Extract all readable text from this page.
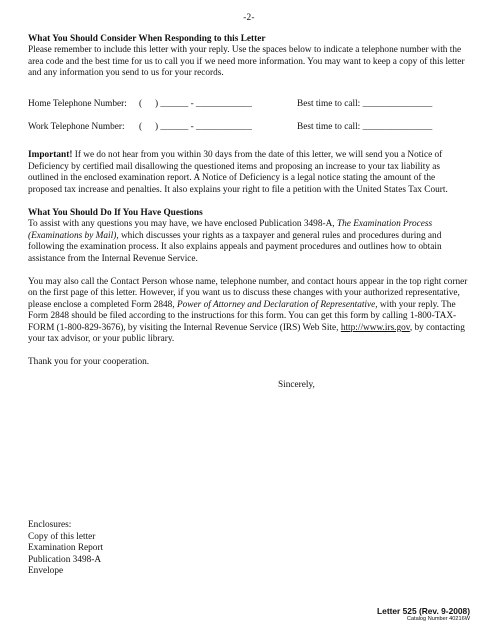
-2-
What You Should Consider When Responding to this Letter

Please remember to include this letter with your reply. Use the spaces below to indicate a telephone number with the area code and the best time for us to call you if we need more information. You may want to keep a copy of this letter and any information you send to us for your records.

Home Telephone Number:	(	) ______ - ____________	Best time to call: _______________
Work Telephone Number:	(	) ______ - ____________	Best time to call: _______________

Important! If we do not hear from you within 30 days from the date of this letter, we will send you a Notice of Deficiency by certified mail disallowing the questioned items and proposing an increase to your tax liability as outlined in the enclosed examination report. A Notice of Deficiency is a legal notice stating the amount of the proposed tax increase and penalties. It also explains your right to file a petition with the United States Tax Court.

What You Should Do If You Have Questions

To assist with any questions you may have, we have enclosed Publication 3498-A, The Examination Process (Examinations by Mail), which discusses your rights as a taxpayer and general rules and procedures during and following the examination process. It also explains appeals and payment procedures and outlines how to obtain assistance from the Internal Revenue Service.

You may also call the Contact Person whose name, telephone number, and contact hours appear in the top right corner on the first page of this letter. However, if you want us to discuss these changes with your authorized representative, please enclose a completed Form 2848, Power of Attorney and Declaration of Representative, with your reply. The Form 2848 should be filed according to the instructions for this form. You can get this form by calling 1-800-TAX-FORM (1-800-829-3676), by visiting the Internal Revenue Service (IRS) Web Site, http://www.irs.gov, by contacting your tax advisor, or your public library.

Thank you for your cooperation.

Sincerely,
Enclosures:
Copy of this letter
Examination Report
Publication 3498-A
Envelope
Letter 525 (Rev. 9-2008)
Catalog Number 40216W
